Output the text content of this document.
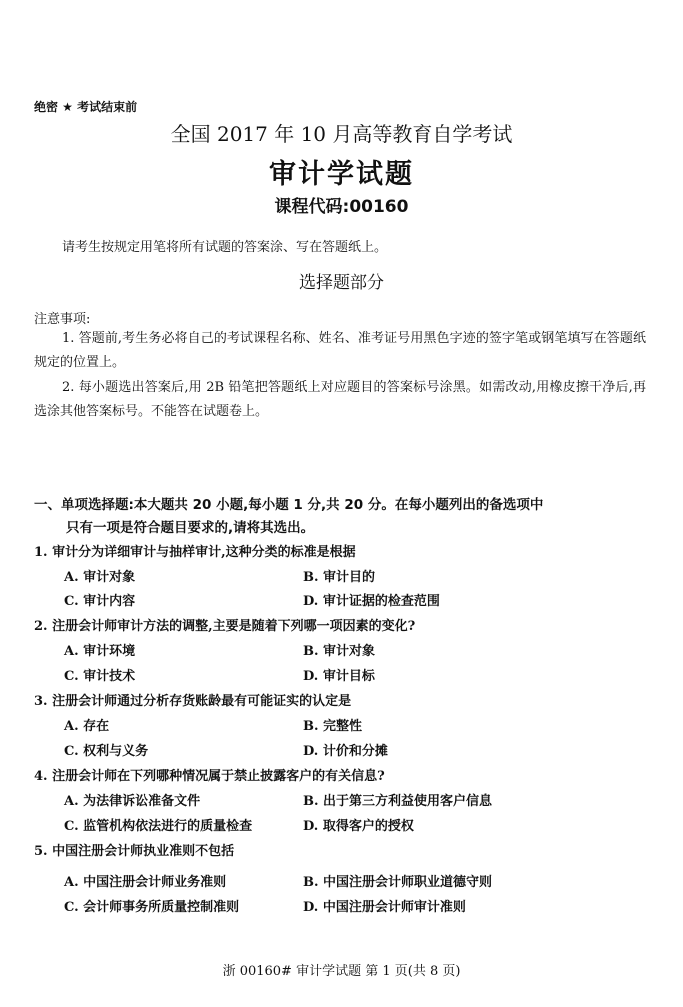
绝密 ★ 考试结束前
全国 2017 年 10 月高等教育自学考试
审计学试题
课程代码:00160
请考生按规定用笔将所有试题的答案涂、写在答题纸上。
选择题部分
注意事项:
1. 答题前,考生务必将自己的考试课程名称、姓名、准考证号用黑色字迹的签字笔或钢笔填写在答题纸规定的位置上。
2. 每小题选出答案后,用 2B 铅笔把答题纸上对应题目的答案标号涂黑。如需改动,用橡皮擦干净后,再选涂其他答案标号。不能答在试题卷上。
一、单项选择题:本大题共 20 小题,每小题 1 分,共 20 分。在每小题列出的备选项中
只有一项是符合题目要求的,请将其选出。
1. 审计分为详细审计与抽样审计,这种分类的标准是根据
A. 审计对象	B. 审计目的
C. 审计内容	D. 审计证据的检查范围
2. 注册会计师审计方法的调整,主要是随着下列哪一项因素的变化?
A. 审计环境	B. 审计对象
C. 审计技术	D. 审计目标
3. 注册会计师通过分析存货账龄最有可能证实的认定是
A. 存在	B. 完整性
C. 权利与义务	D. 计价和分摊
4. 注册会计师在下列哪种情况属于禁止披露客户的有关信息?
A. 为法律诉讼准备文件	B. 出于第三方利益使用客户信息
C. 监管机构依法进行的质量检查	D. 取得客户的授权
5. 中国注册会计师执业准则不包括
A. 中国注册会计师业务准则	B. 中国注册会计师职业道德守则
C. 会计师事务所质量控制准则	D. 中国注册会计师审计准则
浙 00160# 审计学试题 第 1 页(共 8 页)
